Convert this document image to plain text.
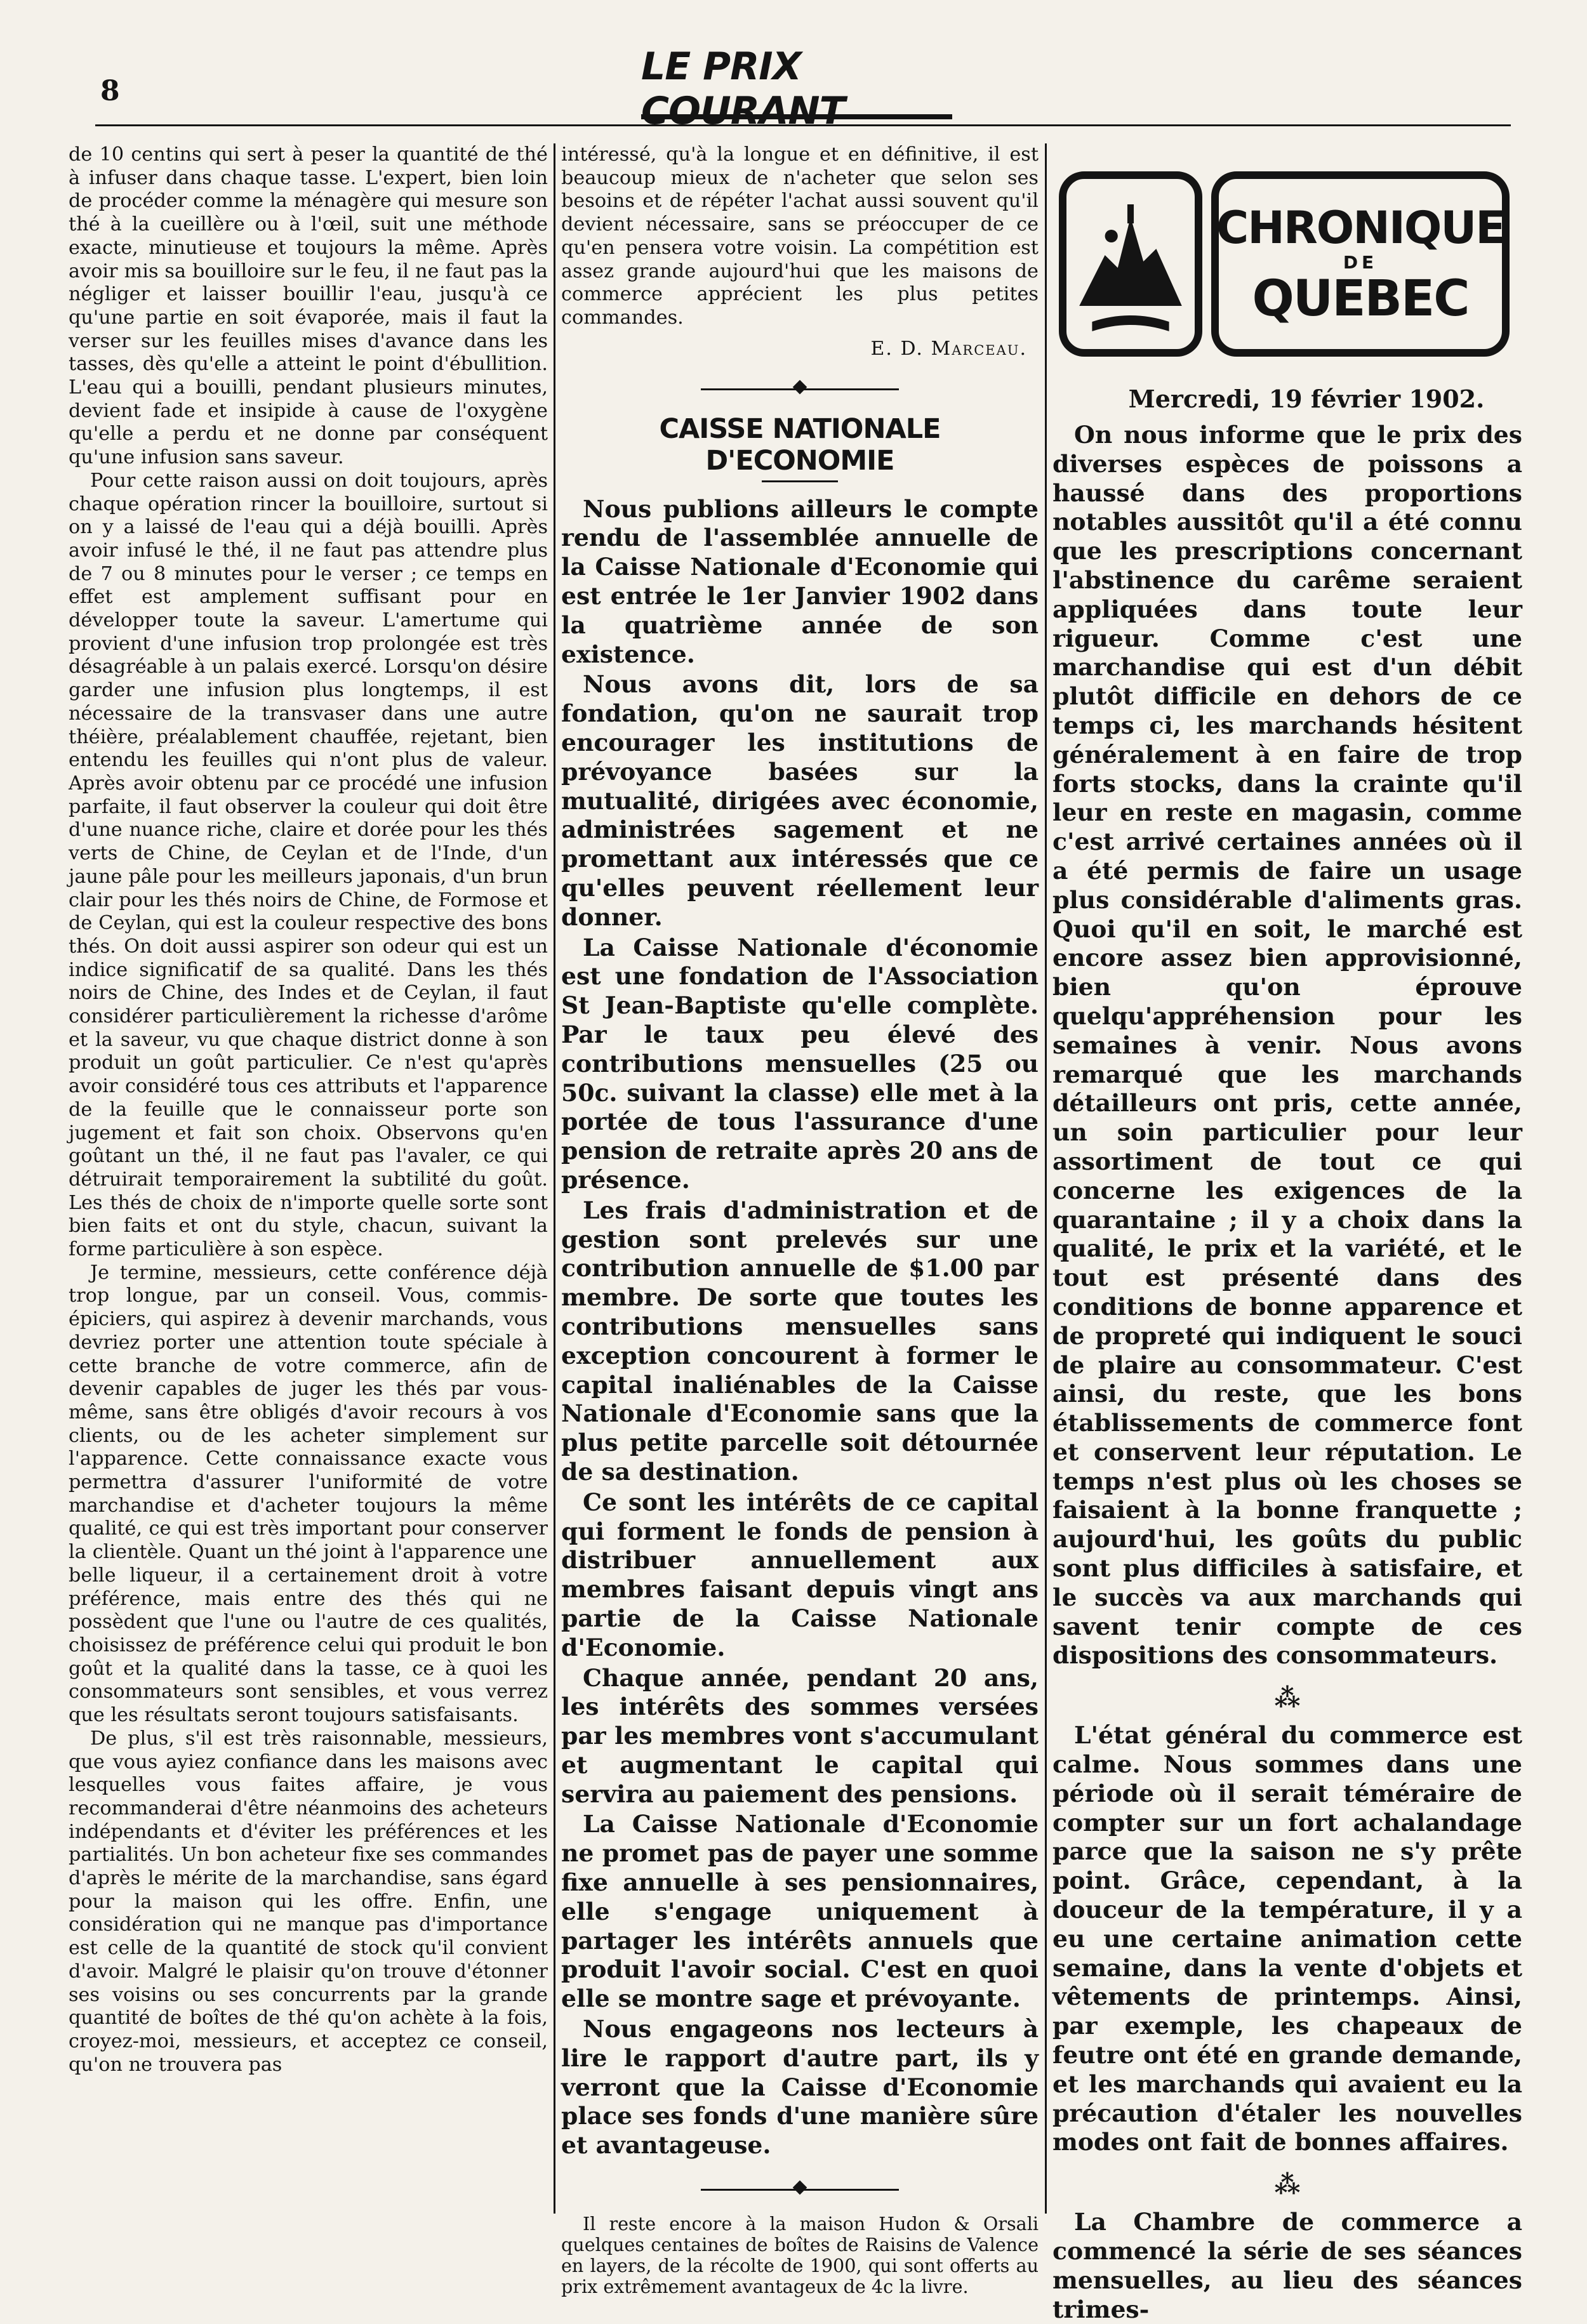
8
LE PRIX COURANT

de 10 centins qui sert à peser la quantité de thé à infuser dans chaque tasse. L'expert, bien loin de procéder comme la ménagère qui mesure son thé à la cueillère ou à l'œil, suit une méthode exacte, minutieuse et toujours la même. Après avoir mis sa bouilloire sur le feu, il ne faut pas la négliger et laisser bouillir l'eau, jusqu'à ce qu'une partie en soit évaporée, mais il faut la verser sur les feuilles mises d'avance dans les tasses, dès qu'elle a atteint le point d'ébullition. L'eau qui a bouilli, pendant plusieurs minutes, devient fade et insipide à cause de l'oxygène qu'elle a perdu et ne donne par conséquent qu'une infusion sans saveur.

Pour cette raison aussi on doit toujours, après chaque opération rincer la bouilloire, surtout si on y a laissé de l'eau qui a déjà bouilli. Après avoir infusé le thé, il ne faut pas attendre plus de 7 ou 8 minutes pour le verser ; ce temps en effet est amplement suffisant pour en développer toute la saveur. L'amertume qui provient d'une infusion trop prolongée est très désagréable à un palais exercé. Lorsqu'on désire garder une infusion plus longtemps, il est nécessaire de la transvaser dans une autre théière, préalablement chauffée, rejetant, bien entendu les feuilles qui n'ont plus de valeur. Après avoir obtenu par ce procédé une infusion parfaite, il faut observer la couleur qui doit être d'une nuance riche, claire et dorée pour les thés verts de Chine, de Ceylan et de l'Inde, d'un jaune pâle pour les meilleurs japonais, d'un brun clair pour les thés noirs de Chine, de Formose et de Ceylan, qui est la couleur respective des bons thés. On doit aussi aspirer son odeur qui est un indice significatif de sa qualité. Dans les thés noirs de Chine, des Indes et de Ceylan, il faut considérer particulièrement la richesse d'arôme et la saveur, vu que chaque district donne à son produit un goût particulier. Ce n'est qu'après avoir considéré tous ces attributs et l'apparence de la feuille que le connaisseur porte son jugement et fait son choix. Observons qu'en goûtant un thé, il ne faut pas l'avaler, ce qui détruirait temporairement la subtilité du goût. Les thés de choix de n'importe quelle sorte sont bien faits et ont du style, chacun, suivant la forme particulière à son espèce.

Je termine, messieurs, cette conférence déjà trop longue, par un conseil. Vous, commis-épiciers, qui aspirez à devenir marchands, vous devriez porter une attention toute spéciale à cette branche de votre commerce, afin de devenir capables de juger les thés par vous-même, sans être obligés d'avoir recours à vos clients, ou de les acheter simplement sur l'apparence. Cette connaissance exacte vous permettra d'assurer l'uniformité de votre marchandise et d'acheter toujours la même qualité, ce qui est très important pour conserver la clientèle. Quant un thé joint à l'apparence une belle liqueur, il a certainement droit à votre préférence, mais entre des thés qui ne possèdent que l'une ou l'autre de ces qualités, choisissez de préférence celui qui produit le bon goût et la qualité dans la tasse, ce à quoi les consommateurs sont sensibles, et vous verrez que les résultats seront toujours satisfaisants.

De plus, s'il est très raisonnable, messieurs, que vous ayiez confiance dans les maisons avec lesquelles vous faites affaire, je vous recommanderai d'être néanmoins des acheteurs indépendants et d'éviter les préférences et les partialités. Un bon acheteur fixe ses commandes d'après le mérite de la marchandise, sans égard pour la maison qui les offre. Enfin, une considération qui ne manque pas d'importance est celle de la quantité de stock qu'il convient d'avoir. Malgré le plaisir qu'on trouve d'étonner ses voisins ou ses concurrents par la grande quantité de boîtes de thé qu'on achète à la fois, croyez-moi, messieurs, et acceptez ce conseil, qu'on ne trouvera pas

intéressé, qu'à la longue et en définitive, il est beaucoup mieux de n'acheter que selon ses besoins et de répéter l'achat aussi souvent qu'il devient nécessaire, sans se préoccuper de ce qu'en pensera votre voisin. La compétition est assez grande aujourd'hui que les maisons de commerce apprécient les plus petites commandes.

E. D. Marceau.
CAISSE NATIONALE D'ECONOMIE

Nous publions ailleurs le compte rendu de l'assemblée annuelle de la Caisse Nationale d'Economie qui est entrée le 1er Janvier 1902 dans la quatrième année de son existence.

Nous avons dit, lors de sa fondation, qu'on ne saurait trop encourager les institutions de prévoyance basées sur la mutualité, dirigées avec économie, administrées sagement et ne promettant aux intéressés que ce qu'elles peuvent réellement leur donner.

La Caisse Nationale d'économie est une fondation de l'Association St Jean-Baptiste qu'elle complète. Par le taux peu élevé des contributions mensuelles (25 ou 50c. suivant la classe) elle met à la portée de tous l'assurance d'une pension de retraite après 20 ans de présence.

Les frais d'administration et de gestion sont prelevés sur une contribution annuelle de $1.00 par membre. De sorte que toutes les contributions mensuelles sans exception concourent à former le capital inaliénables de la Caisse Nationale d'Economie sans que la plus petite parcelle soit détournée de sa destination.

Ce sont les intérêts de ce capital qui forment le fonds de pension à distribuer annuellement aux membres faisant depuis vingt ans partie de la Caisse Nationale d'Economie.

Chaque année, pendant 20 ans, les intérêts des sommes versées par les membres vont s'accumulant et augmentant le capital qui servira au paiement des pensions.

La Caisse Nationale d'Economie ne promet pas de payer une somme fixe annuelle à ses pensionnaires, elle s'engage uniquement à partager les intérêts annuels que produit l'avoir social. C'est en quoi elle se montre sage et prévoyante.

Nous engageons nos lecteurs à lire le rapport d'autre part, ils y verront que la Caisse d'Economie place ses fonds d'une manière sûre et avantageuse.

Il reste encore à la maison Hudon & Orsali quelques centaines de boîtes de Raisins de Valence en layers, de la récolte de 1900, qui sont offerts au prix extrêmement avantageux de 4c la livre.

CHRONIQUE
DE
QUEBEC
Mercredi, 19 février 1902.

On nous informe que le prix des diverses espèces de poissons a haussé dans des proportions notables aussitôt qu'il a été connu que les prescriptions concernant l'abstinence du carême seraient appliquées dans toute leur rigueur. Comme c'est une marchandise qui est d'un débit plutôt difficile en dehors de ce temps ci, les marchands hésitent généralement à en faire de trop forts stocks, dans la crainte qu'il leur en reste en magasin, comme c'est arrivé certaines années où il a été permis de faire un usage plus considérable d'aliments gras. Quoi qu'il en soit, le marché est encore assez bien approvisionné, bien qu'on éprouve quelqu'appréhension pour les semaines à venir. Nous avons remarqué que les marchands détailleurs ont pris, cette année, un soin particulier pour leur assortiment de tout ce qui concerne les exigences de la quarantaine ; il y a choix dans la qualité, le prix et la variété, et le tout est présenté dans des conditions de bonne apparence et de propreté qui indiquent le souci de plaire au consommateur. C'est ainsi, du reste, que les bons établissements de commerce font et conservent leur réputation. Le temps n'est plus où les choses se faisaient à la bonne franquette ; aujourd'hui, les goûts du public sont plus difficiles à satisfaire, et le succès va aux marchands qui savent tenir compte de ces dispositions des consommateurs.

⁂

L'état général du commerce est calme. Nous sommes dans une période où il serait téméraire de compter sur un fort achalandage parce que la saison ne s'y prête point. Grâce, cependant, à la douceur de la température, il y a eu une certaine animation cette semaine, dans la vente d'objets et vêtements de printemps. Ainsi, par exemple, les chapeaux de feutre ont été en grande demande, et les marchands qui avaient eu la précaution d'étaler les nouvelles modes ont fait de bonnes affaires.

⁂

La Chambre de commerce a commencé la série de ses séances mensuelles, au lieu des séances trimes-
